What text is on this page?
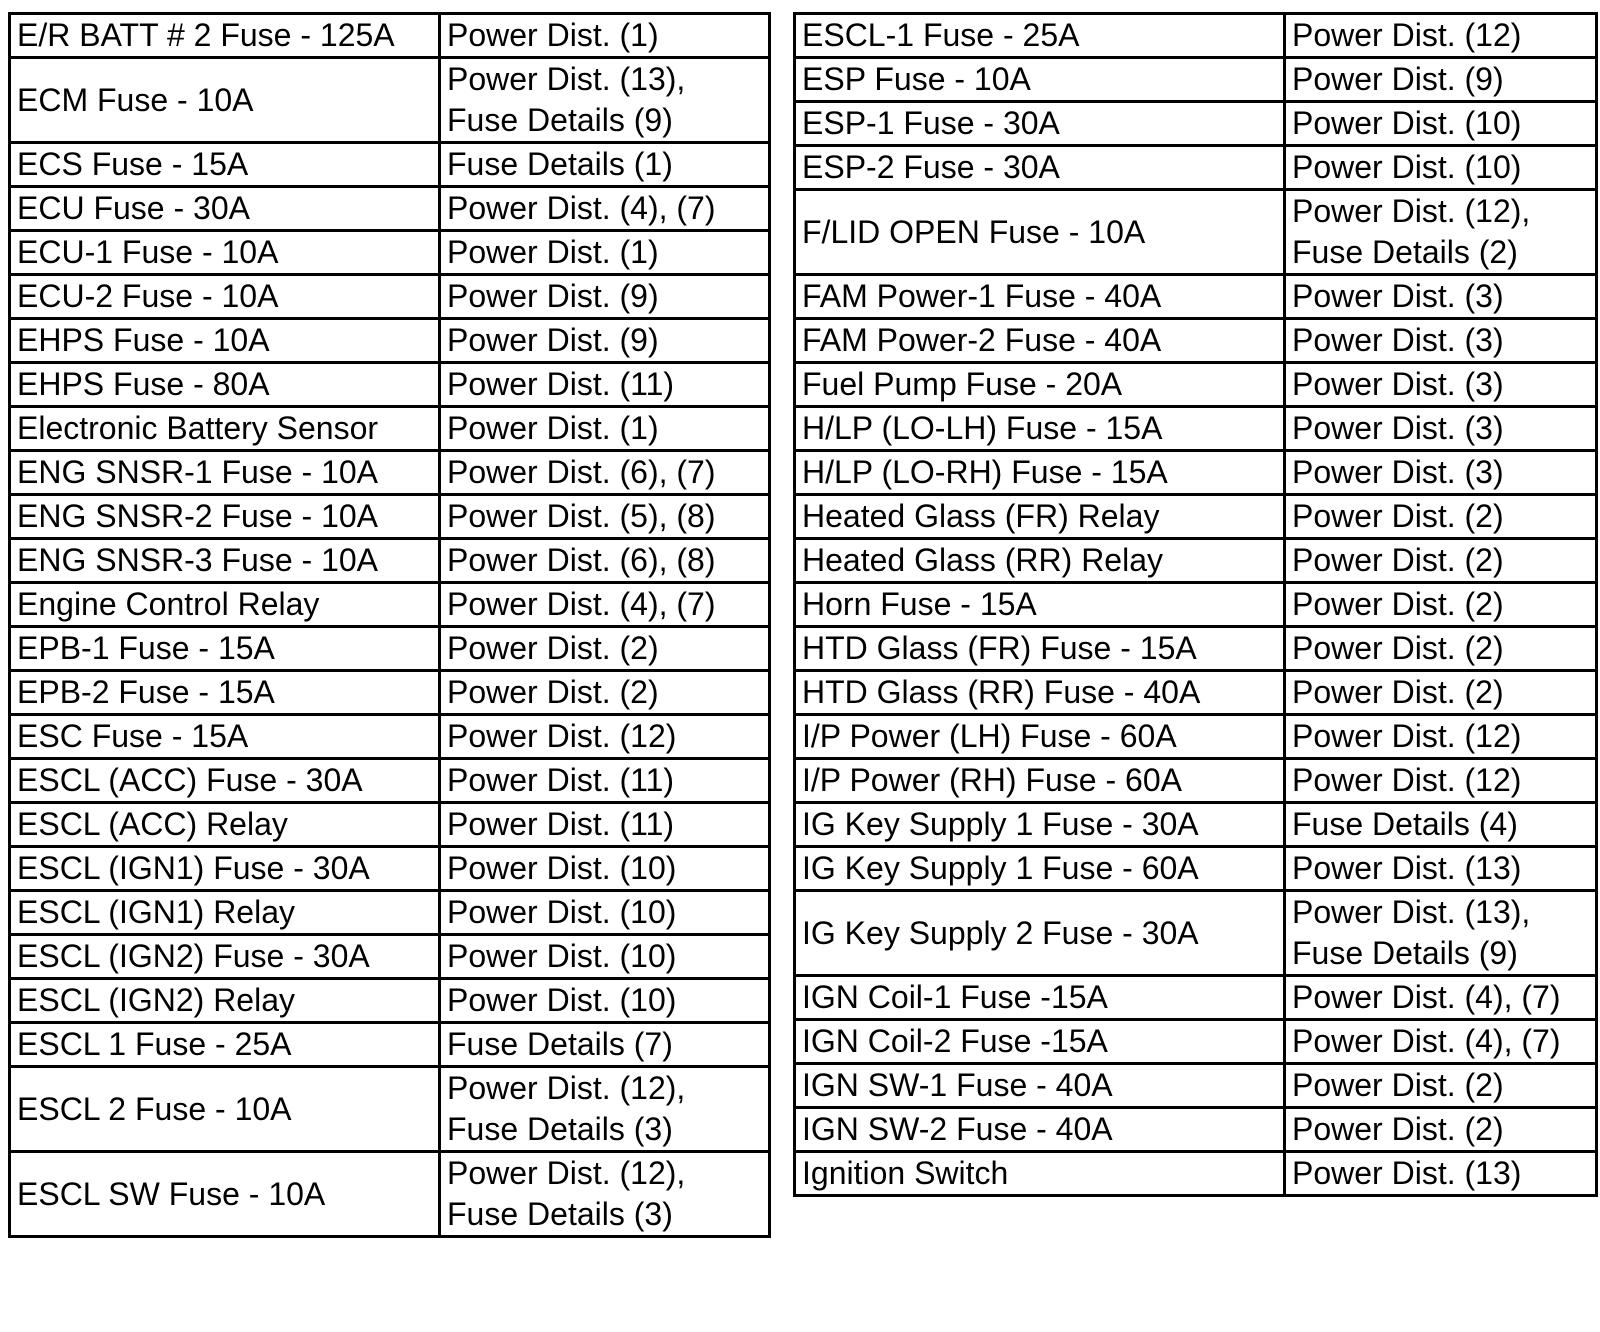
E/R BATT # 2 Fuse - 125A	Power Dist. (1)

ECM Fuse - 10A	Power Dist. (13),
Fuse Details (9)

ECS Fuse - 15A	Fuse Details (1)

ECU Fuse - 30A	Power Dist. (4), (7)

ECU-1 Fuse - 10A	Power Dist. (1)

ECU-2 Fuse - 10A	Power Dist. (9)

EHPS Fuse - 10A	Power Dist. (9)

EHPS Fuse - 80A	Power Dist. (11)

Electronic Battery Sensor	Power Dist. (1)

ENG SNSR-1 Fuse - 10A	Power Dist. (6), (7)

ENG SNSR-2 Fuse - 10A	Power Dist. (5), (8)

ENG SNSR-3 Fuse - 10A	Power Dist. (6), (8)

Engine Control Relay	Power Dist. (4), (7)

EPB-1 Fuse - 15A	Power Dist. (2)

EPB-2 Fuse - 15A	Power Dist. (2)

ESC Fuse - 15A	Power Dist. (12)

ESCL (ACC) Fuse - 30A	Power Dist. (11)

ESCL (ACC) Relay	Power Dist. (11)

ESCL (IGN1) Fuse - 30A	Power Dist. (10)

ESCL (IGN1) Relay	Power Dist. (10)

ESCL (IGN2) Fuse - 30A	Power Dist. (10)

ESCL (IGN2) Relay	Power Dist. (10)

ESCL 1 Fuse - 25A	Fuse Details (7)

ESCL 2 Fuse - 10A	Power Dist. (12),
Fuse Details (3)

ESCL SW Fuse - 10A	Power Dist. (12),
Fuse Details (3)
ESCL-1 Fuse - 25A	Power Dist. (12)

ESP Fuse - 10A	Power Dist. (9)

ESP-1 Fuse - 30A	Power Dist. (10)

ESP-2 Fuse - 30A	Power Dist. (10)

F/LID OPEN Fuse - 10A	Power Dist. (12),
Fuse Details (2)

FAM Power-1 Fuse - 40A	Power Dist. (3)

FAM Power-2 Fuse - 40A	Power Dist. (3)

Fuel Pump Fuse - 20A	Power Dist. (3)

H/LP (LO-LH) Fuse - 15A	Power Dist. (3)

H/LP (LO-RH) Fuse - 15A	Power Dist. (3)

Heated Glass (FR) Relay	Power Dist. (2)

Heated Glass (RR) Relay	Power Dist. (2)

Horn Fuse - 15A	Power Dist. (2)

HTD Glass (FR) Fuse - 15A	Power Dist. (2)

HTD Glass (RR) Fuse - 40A	Power Dist. (2)

I/P Power (LH) Fuse - 60A	Power Dist. (12)

I/P Power (RH) Fuse - 60A	Power Dist. (12)

IG Key Supply 1 Fuse - 30A	Fuse Details (4)

IG Key Supply 1 Fuse - 60A	Power Dist. (13)

IG Key Supply 2 Fuse - 30A	Power Dist. (13),
Fuse Details (9)

IGN Coil-1 Fuse -15A	Power Dist. (4), (7)

IGN Coil-2 Fuse -15A	Power Dist. (4), (7)

IGN SW-1 Fuse - 40A	Power Dist. (2)

IGN SW-2 Fuse - 40A	Power Dist. (2)

Ignition Switch	Power Dist. (13)
